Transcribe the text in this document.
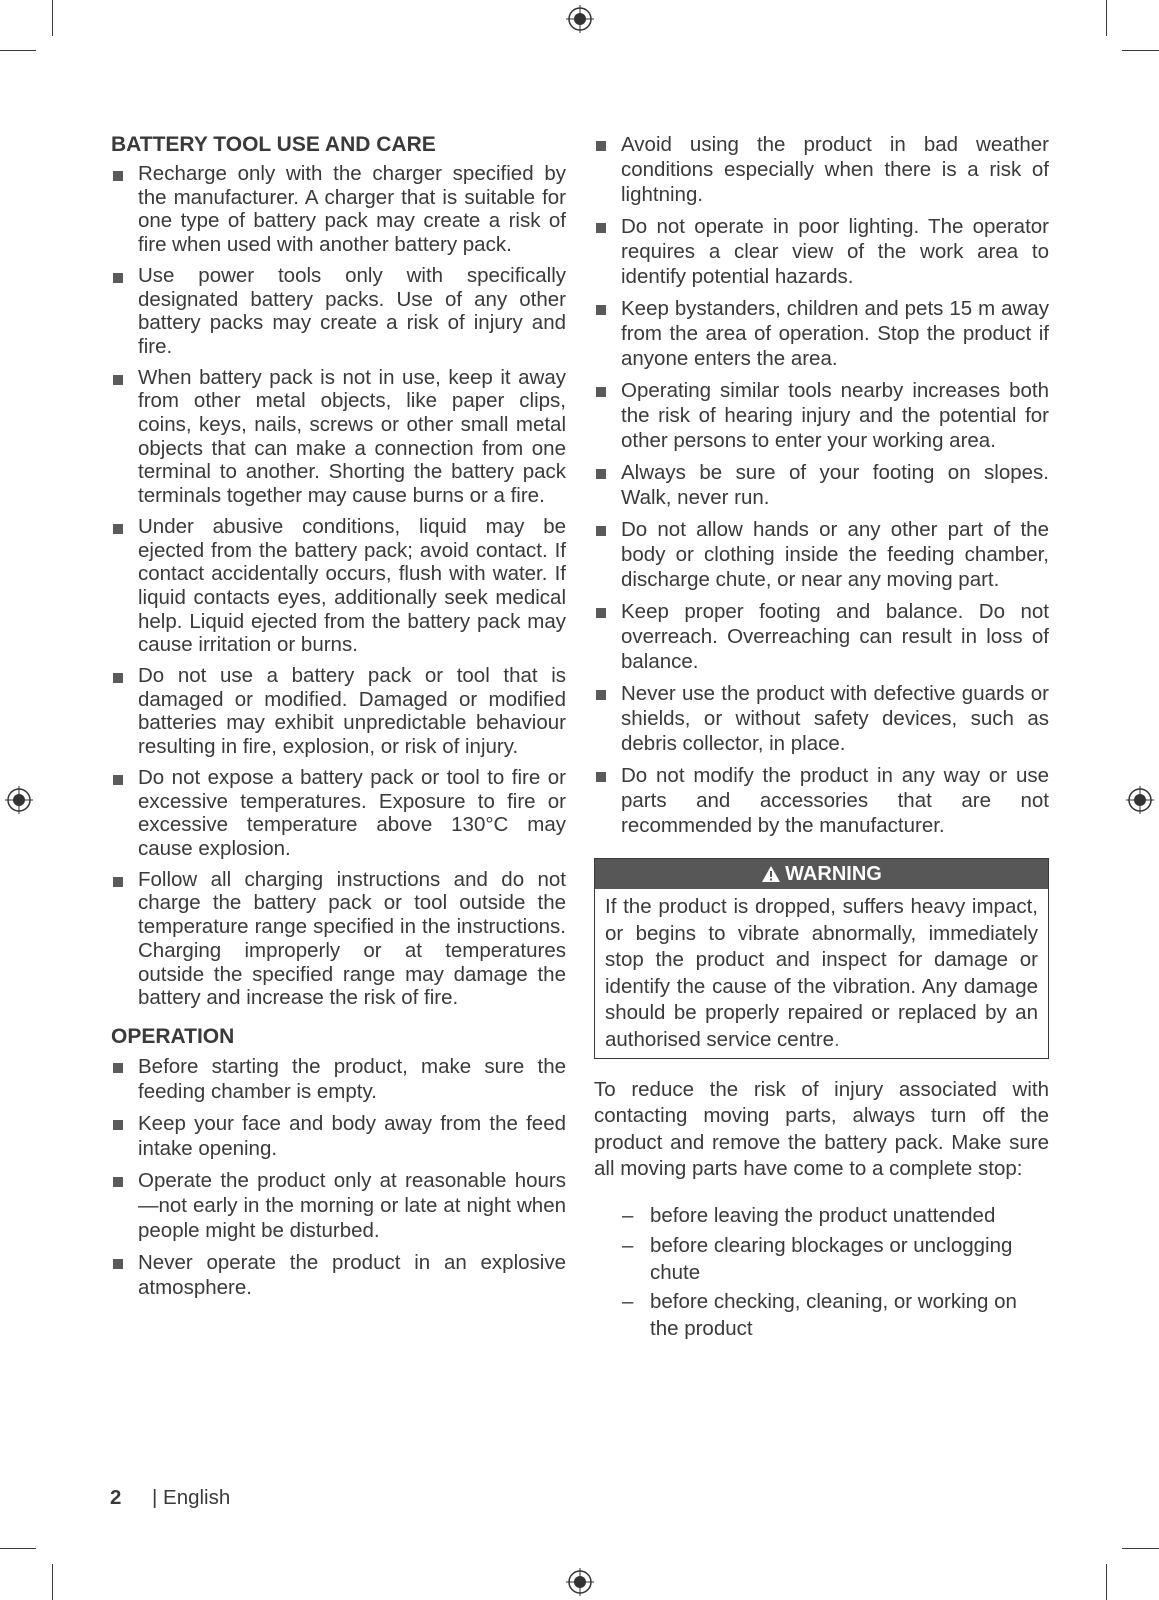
BATTERY TOOL USE AND CARE
Recharge only with the charger specified by the manufacturer. A charger that is suitable for one type of battery pack may create a risk of fire when used with another battery pack.
Use power tools only with specifically designated battery packs. Use of any other battery packs may create a risk of injury and fire.
When battery pack is not in use, keep it away from other metal objects, like paper clips, coins, keys, nails, screws or other small metal objects that can make a connection from one terminal to another. Shorting the battery pack terminals together may cause burns or a fire.
Under abusive conditions, liquid may be ejected from the battery pack; avoid contact. If contact accidentally occurs, flush with water. If liquid contacts eyes, additionally seek medical help. Liquid ejected from the battery pack may cause irritation or burns.
Do not use a battery pack or tool that is damaged or modified. Damaged or modified batteries may exhibit unpredictable behaviour resulting in fire, explosion, or risk of injury.
Do not expose a battery pack or tool to fire or excessive temperatures. Exposure to fire or excessive temperature above 130°C may cause explosion.
Follow all charging instructions and do not charge the battery pack or tool outside the temperature range specified in the instructions. Charging improperly or at temperatures outside the specified range may damage the battery and increase the risk of fire.
OPERATION
Before starting the product, make sure the feeding chamber is empty.
Keep your face and body away from the feed intake opening.
Operate the product only at reasonable hours—not early in the morning or late at night when people might be disturbed.
Never operate the product in an explosive atmosphere.
Avoid using the product in bad weather conditions especially when there is a risk of lightning.
Do not operate in poor lighting. The operator requires a clear view of the work area to identify potential hazards.
Keep bystanders, children and pets 15 m away from the area of operation. Stop the product if anyone enters the area.
Operating similar tools nearby increases both the risk of hearing injury and the potential for other persons to enter your working area.
Always be sure of your footing on slopes. Walk, never run.
Do not allow hands or any other part of the body or clothing inside the feeding chamber, discharge chute, or near any moving part.
Keep proper footing and balance. Do not overreach. Overreaching can result in loss of balance.
Never use the product with defective guards or shields, or without safety devices, such as debris collector, in place.
Do not modify the product in any way or use parts and accessories that are not recommended by the manufacturer.
WARNING
If the product is dropped, suffers heavy impact, or begins to vibrate abnormally, immediately stop the product and inspect for damage or identify the cause of the vibration. Any damage should be properly repaired or replaced by an authorised service centre.

To reduce the risk of injury associated with contacting moving parts, always turn off the product and remove the battery pack. Make sure all moving parts have come to a complete stop:

– before leaving the product unattended
– before clearing blockages or unclogging chute
– before checking, cleaning, or working on the product
2 | English
